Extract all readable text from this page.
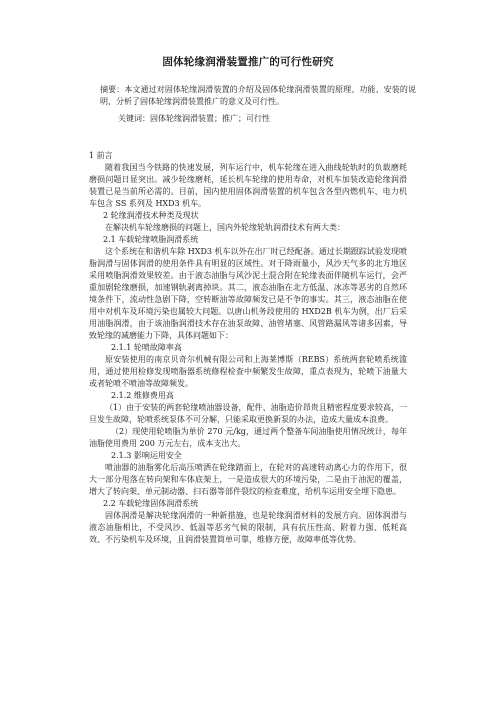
固体轮缘润滑装置推广的可行性研究
摘要：本文通过对固体轮缘润滑装置的介绍及固体轮缘润滑装置的原理、功能、安装的说明，分析了固体轮缘润滑装置推广的意义及可行性。
关键词：固体轮缘润滑装置；推广；可行性

1 前言

随着我国当今铁路的快速发展，列车运行中，机车轮缘在进入曲线轮轨时的负载磨耗磨损问题日显突出。减少轮缘磨耗，延长机车轮缘的使用寿命，对机车加装改造轮缘润滑装置已是当前所必需的。目前，国内使用固体润滑装置的机车包含各型内燃机车、电力机车包含 SS 系列及 HXD3 机车。

2 轮缘润滑技术种类及现状

在解决机车轮缘磨损的问题上，国内外轮缘轮轨润滑技术有两大类：

2.1 车载轮缘喷脂润滑系统

这个系统在和谐机车除 HXD3 机车以外在出厂时已经配备。通过长期跟踪试验发现喷脂润滑与固体润滑的使用条件具有明显的区域性。对于降雨量小，风沙天气多的北方地区采用喷脂润滑效果较差。由于液态油脂与风沙泥土混合附在轮缘表面伴随机车运行，会严重加剧轮缘磨损，加速钢轨剥离掉块。其二，液态油脂在北方低温、冰冻等恶劣的自然环境条件下，流动性急剧下降，空转断油等故障频发已是不争的事实。其三，液态油脂在使用中对机车及环境污染也属较大问题。以唐山机务段使用的 HXD2B 机车为例，出厂后采用油脂润滑，由于该油脂润滑技术存在油泵故障、油管堵塞、风管路漏风等诸多因素，导致轮缘的减磨能力下降，具体问题如下：

2.1.1 轮喷故障率高

原安装使用的南京贝奇尔机械有限公司和上海莱博斯（REBS）系统两套轮喷系统滥用，通过使用检修发现喷脂器系统修程检查中频繁发生故障，重点表现为，轮喷下油量大或者轮喷不喷油等故障频发。

2.1.2 维修费用高

（1）由于安装的两套轮缘喷油器设备，配件、油脂造价昂贵且精密程度要求较高，一旦发生故障，轮喷系统泵体不可分解，只能采取更换新泵的办法，造成大量成本浪费。

（2）现使用轮喷脂为单价 270 元/kg，通过两个整备车间油脂使用情况统计，每年油脂使用费用 200 万元左右，成本支出大。

2.1.3 影响运用安全

喷油器的油脂雾化后高压喷洒在轮缘踏面上，在轮对的高速转动离心力的作用下，很大一部分甩落在转向架和车体底架上，一是造成很大的环境污染，二是由于油泥的覆盖，增大了转向架、单元制动器、扫石器等部件裂纹的检查难度，给机车运用安全埋下隐患。

2.2 车载轮缘固体润滑系统

固体润滑是解决轮缘润滑的一种新措施，也是轮缘润滑材料的发展方向。固体润滑与液态油脂相比，不受风沙、低温等恶劣气候的限制，具有抗压性高、附着力强、低耗高效、不污染机车及环境，且润滑装置简单可靠，维修方便，故障率低等优势。
